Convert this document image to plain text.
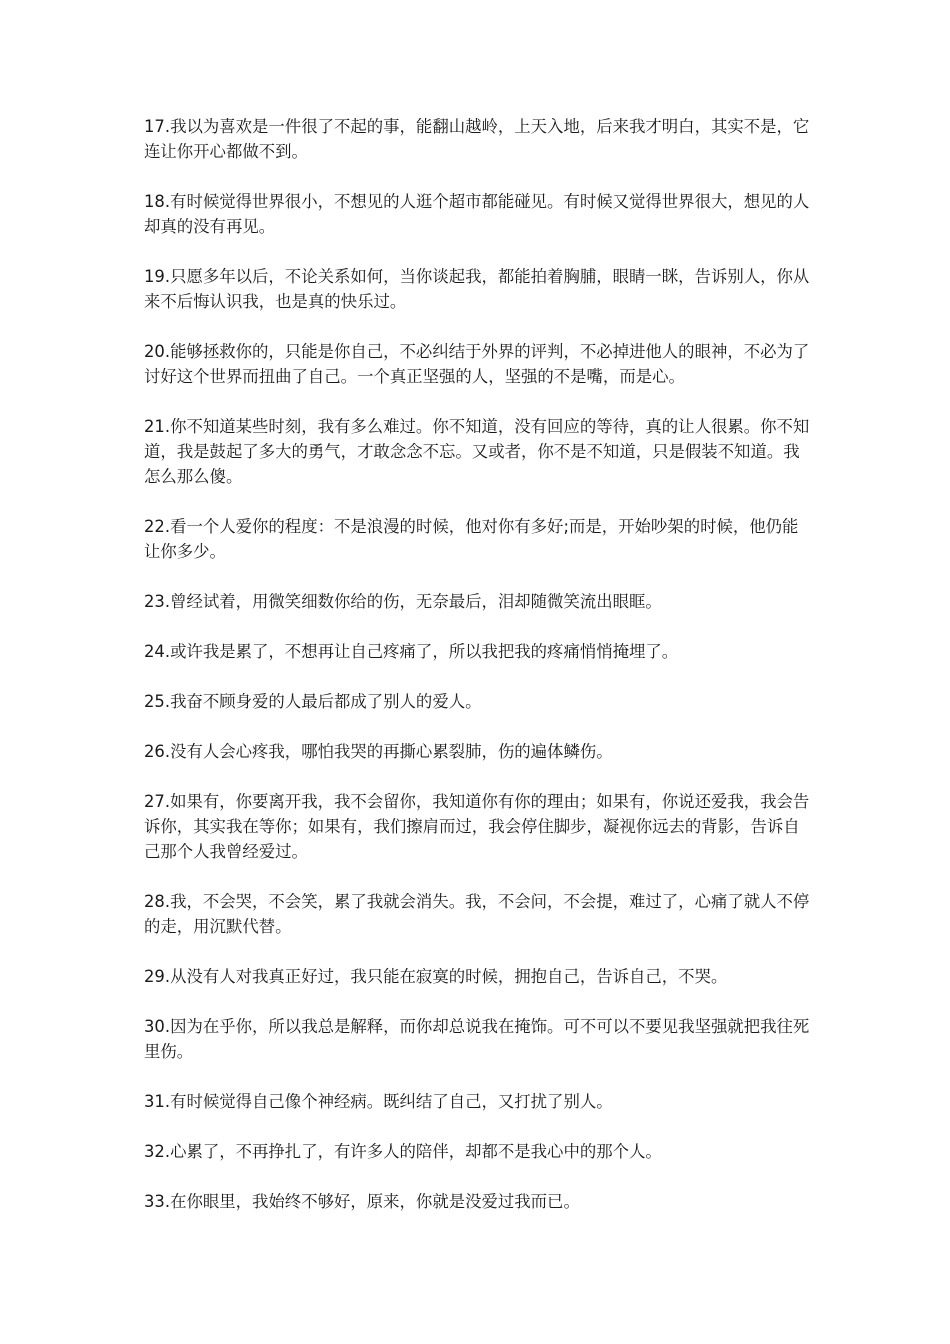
17.我以为喜欢是一件很了不起的事，能翻山越岭，上天入地，后来我才明白，其实不是，它连让你开心都做不到。

18.有时候觉得世界很小，不想见的人逛个超市都能碰见。有时候又觉得世界很大，想见的人却真的没有再见。

19.只愿多年以后，不论关系如何，当你谈起我，都能拍着胸脯，眼睛一眯，告诉别人，你从来不后悔认识我，也是真的快乐过。

20.能够拯救你的，只能是你自己，不必纠结于外界的评判，不必掉进他人的眼神，不必为了讨好这个世界而扭曲了自己。一个真正坚强的人，坚强的不是嘴，而是心。

21.你不知道某些时刻，我有多么难过。你不知道，没有回应的等待，真的让人很累。你不知道，我是鼓起了多大的勇气，才敢念念不忘。又或者，你不是不知道，只是假装不知道。我怎么那么傻。

22.看一个人爱你的程度：不是浪漫的时候，他对你有多好;而是，开始吵架的时候，他仍能让你多少。

23.曾经试着，用微笑细数你给的伤，无奈最后，泪却随微笑流出眼眶。

24.或许我是累了，不想再让自己疼痛了，所以我把我的疼痛悄悄掩埋了。

25.我奋不顾身爱的人最后都成了别人的爱人。

26.没有人会心疼我，哪怕我哭的再撕心累裂肺，伤的遍体鳞伤。

27.如果有，你要离开我，我不会留你，我知道你有你的理由；如果有，你说还爱我，我会告诉你，其实我在等你；如果有，我们擦肩而过，我会停住脚步，凝视你远去的背影，告诉自己那个人我曾经爱过。

28.我，不会哭，不会笑，累了我就会消失。我，不会问，不会提，难过了，心痛了就人不停的走，用沉默代替。

29.从没有人对我真正好过，我只能在寂寞的时候，拥抱自己，告诉自己，不哭。

30.因为在乎你，所以我总是解释，而你却总说我在掩饰。可不可以不要见我坚强就把我往死里伤。

31.有时候觉得自己像个神经病。既纠结了自己，又打扰了别人。

32.心累了，不再挣扎了，有许多人的陪伴，却都不是我心中的那个人。

33.在你眼里，我始终不够好，原来，你就是没爱过我而已。
